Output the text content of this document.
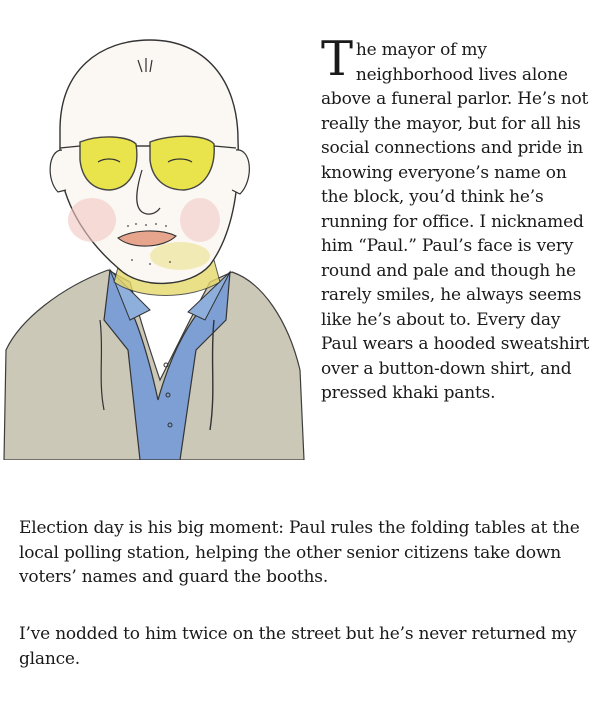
The mayor of my neighborhood lives alone above a funeral parlor. He’s not really the mayor, but for all his social connections and pride in knowing everyone’s name on the block, you’d think he’s running for office. I nicknamed him “Paul.” Paul’s face is very round and pale and though he rarely smiles, he always seems like he’s about to. Every day Paul wears a hooded sweatshirt over a button-down shirt, and pressed khaki pants.

Election day is his big moment: Paul rules the folding tables at the local polling station, helping the other senior citizens take down voters’ names and guard the booths.

I’ve nodded to him twice on the street but he’s never returned my glance.
